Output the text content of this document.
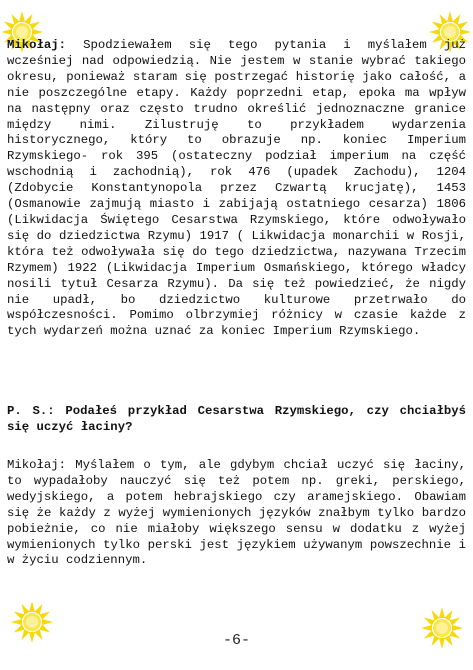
Mikołaj: Spodziewałem się tego pytania i myślałem już wcześniej nad odpowiedzią. Nie jestem w stanie wybrać takiego okresu, ponieważ staram się postrzegać historię jako całość, a nie poszczególne etapy. Każdy poprzedni etap, epoka ma wpływ na następny oraz często trudno określić jednoznaczne granice między nimi. Zilustruję to przykładem wydarzenia historycznego, który to obrazuje np. koniec Imperium Rzymskiego- rok 395 (ostateczny podział imperium na część wschodnią i zachodnią), rok 476 (upadek Zachodu), 1204 (Zdobycie Konstantynopola przez Czwartą krucjatę), 1453 (Osmanowie zajmują miasto i zabijają ostatniego cesarza) 1806 (Likwidacja Świętego Cesarstwa Rzymskiego, które odwoływało się do dziedzictwa Rzymu) 1917 ( Likwidacja monarchii w Rosji, która też odwoływała się do tego dziedzictwa, nazywana Trzecim Rzymem) 1922 (Likwidacja Imperium Osmańskiego, którego władcy nosili tytuł Cesarza Rzymu). Da się też powiedzieć, że nigdy nie upadł, bo dziedzictwo kulturowe przetrwało do współczesności. Pomimo olbrzymiej różnicy w czasie każde z tych wydarzeń można uznać za koniec Imperium Rzymskiego.

P. S.: Podałeś przykład Cesarstwa Rzymskiego, czy chciałbyś się uczyć łaciny?

Mikołaj: Myślałem o tym, ale gdybym chciał uczyć się łaciny, to wypadałoby nauczyć się też potem np. greki, perskiego, wedyjskiego, a potem hebrajskiego czy aramejskiego. Obawiam się że każdy z wyżej wymienionych języków znałbym tylko bardzo pobieżnie, co nie miałoby większego sensu w dodatku z wyżej wymienionych tylko perski jest językiem używanym powszechnie i w życiu codziennym.

-6-
